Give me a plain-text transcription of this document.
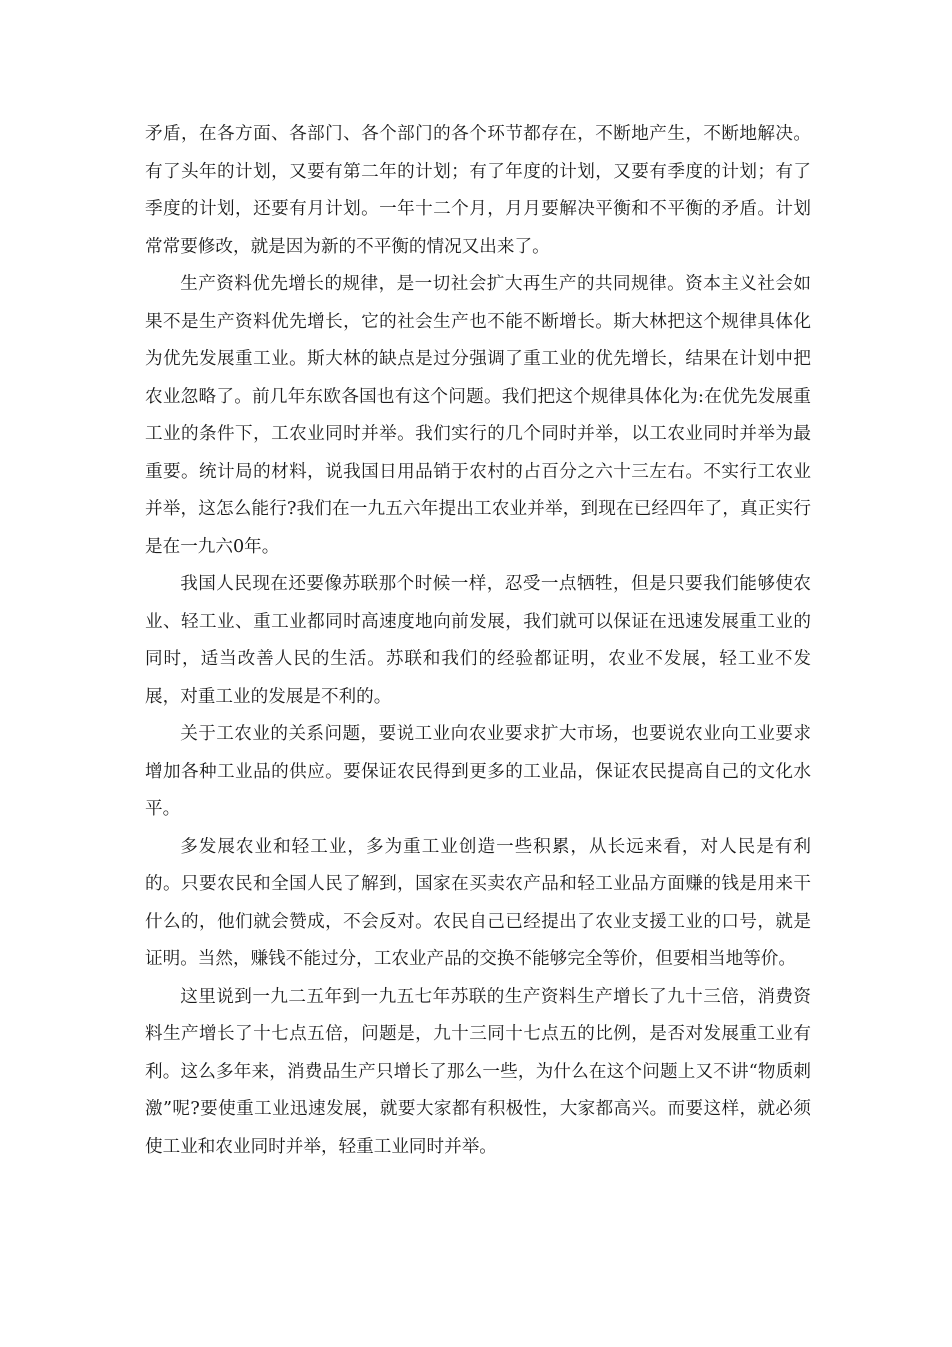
矛盾，在各方面、各部门、各个部门的各个环节都存在，不断地产生，不断地解决。有了头年的计划，又要有第二年的计划；有了年度的计划，又要有季度的计划；有了季度的计划，还要有月计划。一年十二个月，月月要解决平衡和不平衡的矛盾。计划常常要修改，就是因为新的不平衡的情况又出来了。

生产资料优先增长的规律，是一切社会扩大再生产的共同规律。资本主义社会如果不是生产资料优先增长，它的社会生产也不能不断增长。斯大林把这个规律具体化为优先发展重工业。斯大林的缺点是过分强调了重工业的优先增长，结果在计划中把农业忽略了。前几年东欧各国也有这个问题。我们把这个规律具体化为:在优先发展重工业的条件下，工农业同时并举。我们实行的几个同时并举，以工农业同时并举为最重要。统计局的材料，说我国日用品销于农村的占百分之六十三左右。不实行工农业并举，这怎么能行?我们在一九五六年提出工农业并举，到现在已经四年了，真正实行是在一九六0年。

我国人民现在还要像苏联那个时候一样，忍受一点牺牲，但是只要我们能够使农业、轻工业、重工业都同时高速度地向前发展，我们就可以保证在迅速发展重工业的同时，适当改善人民的生活。苏联和我们的经验都证明，农业不发展，轻工业不发展，对重工业的发展是不利的。

关于工农业的关系问题，要说工业向农业要求扩大市场，也要说农业向工业要求增加各种工业品的供应。要保证农民得到更多的工业品，保证农民提高自己的文化水平。

多发展农业和轻工业，多为重工业创造一些积累，从长远来看，对人民是有利的。只要农民和全国人民了解到，国家在买卖农产品和轻工业品方面赚的钱是用来干什么的，他们就会赞成，不会反对。农民自己已经提出了农业支援工业的口号，就是证明。当然，赚钱不能过分，工农业产品的交换不能够完全等价，但要相当地等价。

这里说到一九二五年到一九五七年苏联的生产资料生产增长了九十三倍，消费资料生产增长了十七点五倍，问题是，九十三同十七点五的比例，是否对发展重工业有利。这么多年来，消费品生产只增长了那么一些，为什么在这个问题上又不讲“物质刺激”呢?要使重工业迅速发展，就要大家都有积极性，大家都高兴。而要这样，就必须使工业和农业同时并举，轻重工业同时并举。
